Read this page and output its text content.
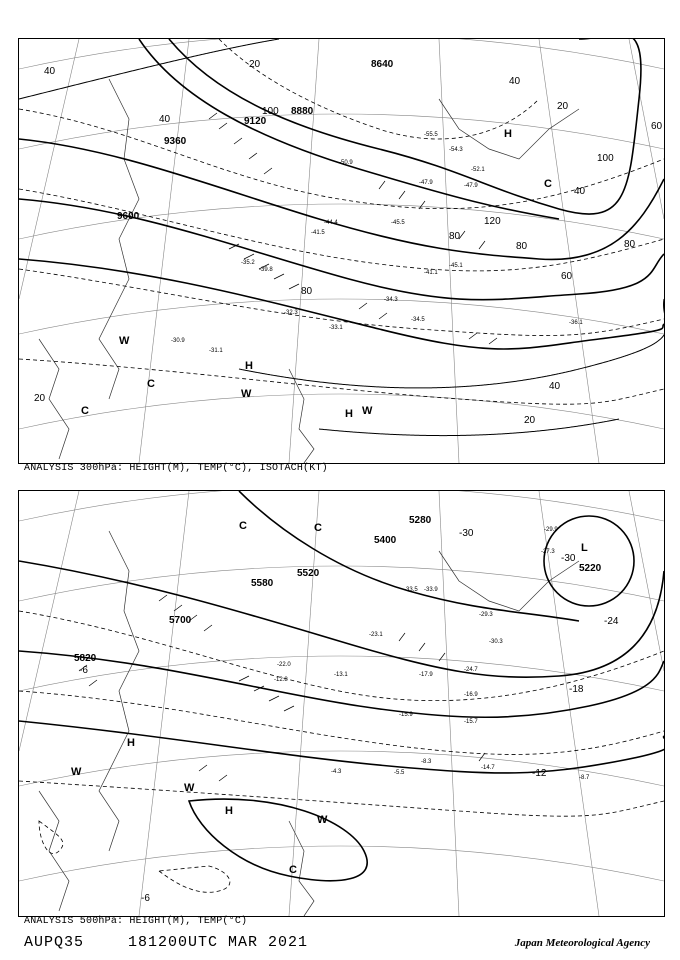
8640
8880
9120
9360
9600
40
40
20
100
120
100
80	80
60
40
80
60
40
20
80
20
40
20
H
H
H
W
W
W
C
C
C
-34.5
-41.5
-45.5
-47.9
-55.5
-50.9
-54.3
-34.3
-30.9
-31.1
-32.3
-35.2
-39.8
-44.4
-45.1
-36.1
-33.1
-41.1
-47.9
-52.1
ANALYSIS 300hPa: HEIGHT(M), TEMP(°C), ISOTACH(KT)
5220
5280
5400
5520
5580
5700
5820
-30
-30
-24
-18
-12
-6
-6
H
H
L
W
W
W
C	C
C
-33.5 -33.9
-29.3
-30.3
-24.7
-16.9
-15.7
-14.7
-8.7
-5.5
-13.1
-15.9
-23.1
-17.9
-12.8
-8.3
-4.3
-29.9
-27.3
-22.0
ANALYSIS 500hPa: HEIGHT(M), TEMP(°C)
AUPQ35	181200UTC MAR 2021	Japan Meteorological Agency
